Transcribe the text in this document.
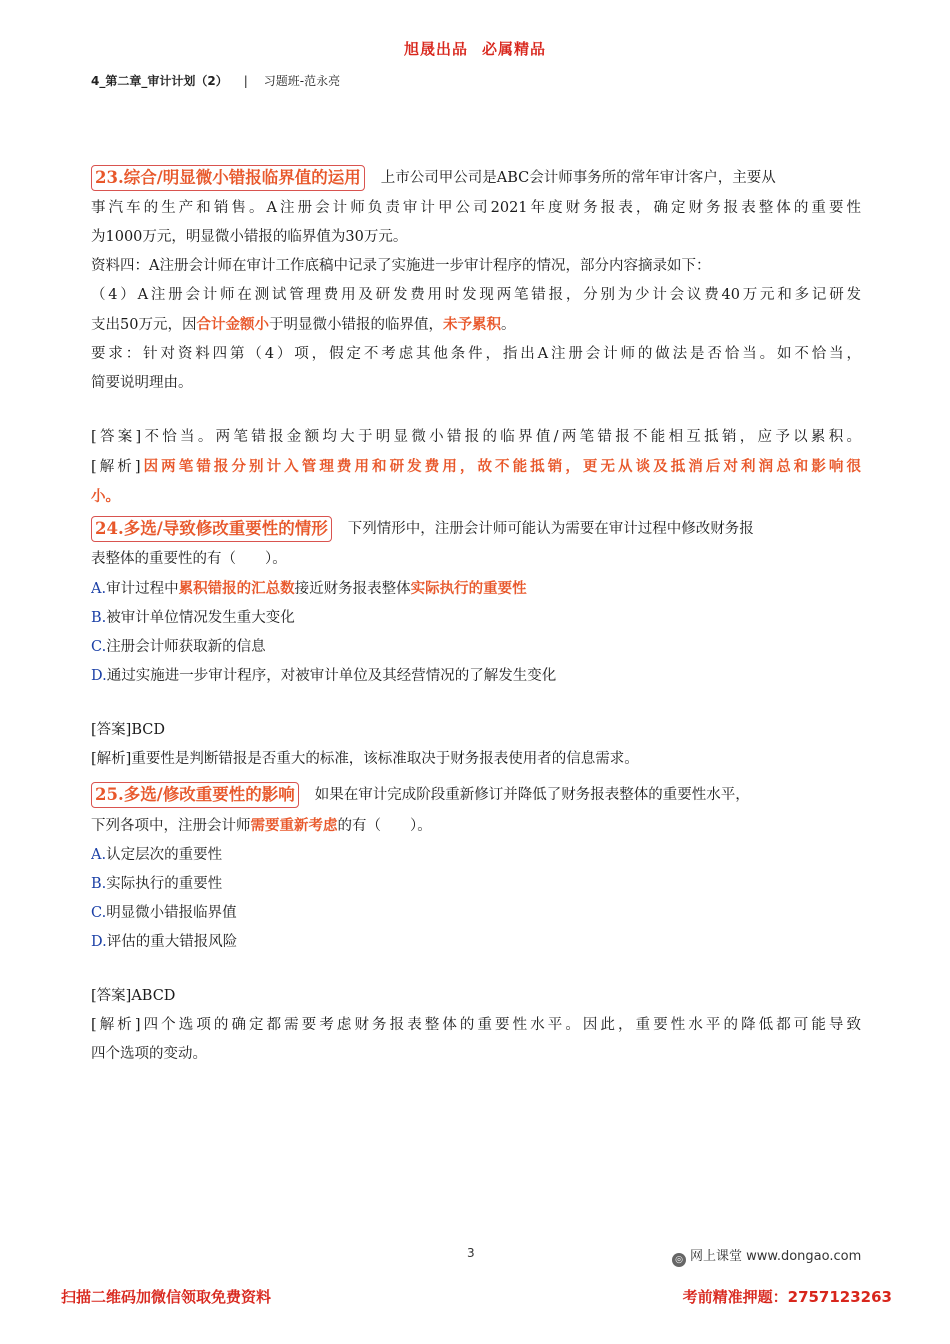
旭晟出品 必属精品
4_第二章_审计计划（2） | 习题班-范永亮
23.综合/明显微小错报临界值的运用 上市公司甲公司是ABC会计师事务所的常年审计客户，主要从
事汽车的生产和销售。A注册会计师负责审计甲公司2021年度财务报表，确定财务报表整体的重要性
为1000万元，明显微小错报的临界值为30万元。
资料四：A注册会计师在审计工作底稿中记录了实施进一步审计程序的情况，部分内容摘录如下：
（4）A注册会计师在测试管理费用及研发费用时发现两笔错报，分别为少计会议费40万元和多记研发
支出50万元，因合计金额小于明显微小错报的临界值，未予累积。
要求：针对资料四第（4）项，假定不考虑其他条件，指出A注册会计师的做法是否恰当。如不恰当，
简要说明理由。
[答案]不恰当。两笔错报金额均大于明显微小错报的临界值/两笔错报不能相互抵销，应予以累积。
[解析]因两笔错报分别计入管理费用和研发费用，故不能抵销，更无从谈及抵消后对利润总和影响很
小。
24.多选/导致修改重要性的情形 下列情形中，注册会计师可能认为需要在审计过程中修改财务报
表整体的重要性的有（　　）。
A.审计过程中累积错报的汇总数接近财务报表整体实际执行的重要性
B.被审计单位情况发生重大变化
C.注册会计师获取新的信息
D.通过实施进一步审计程序，对被审计单位及其经营情况的了解发生变化
[答案]BCD
[解析]重要性是判断错报是否重大的标准，该标准取决于财务报表使用者的信息需求。
25.多选/修改重要性的影响 如果在审计完成阶段重新修订并降低了财务报表整体的重要性水平，
下列各项中，注册会计师需要重新考虑的有（　　）。
A.认定层次的重要性
B.实际执行的重要性
C.明显微小错报临界值
D.评估的重大错报风险
[答案]ABCD
[解析]四个选项的确定都需要考虑财务报表整体的重要性水平。因此，重要性水平的降低都可能导致
四个选项的变动。
3	◎ 网上课堂 www.dongao.com
扫描二维码加微信领取免费资料	考前精准押题：2757123263
